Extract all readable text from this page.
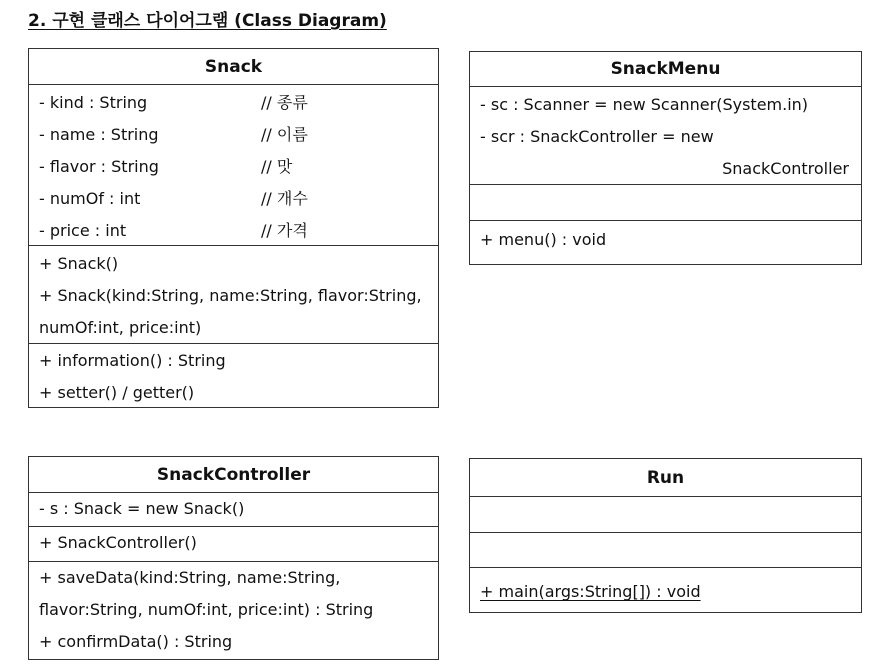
2. 구현 클래스 다이어그램 (Class Diagram)
Snack
- kind : String	// 종류
- name : String	// 이름
- flavor : String	// 맛
- numOf : int	// 개수
- price : int	// 가격
+ Snack()
+ Snack(kind:String, name:String, flavor:String,
numOf:int, price:int)
+ information() : String
+ setter() / getter()
SnackMenu
- sc : Scanner = new Scanner(System.in)
- scr : SnackController = new
SnackController
+ menu() : void
SnackController
- s : Snack = new Snack()
+ SnackController()
+ saveData(kind:String, name:String,
flavor:String, numOf:int, price:int) : String
+ confirmData() : String
Run
+ main(args:String[]) : void
